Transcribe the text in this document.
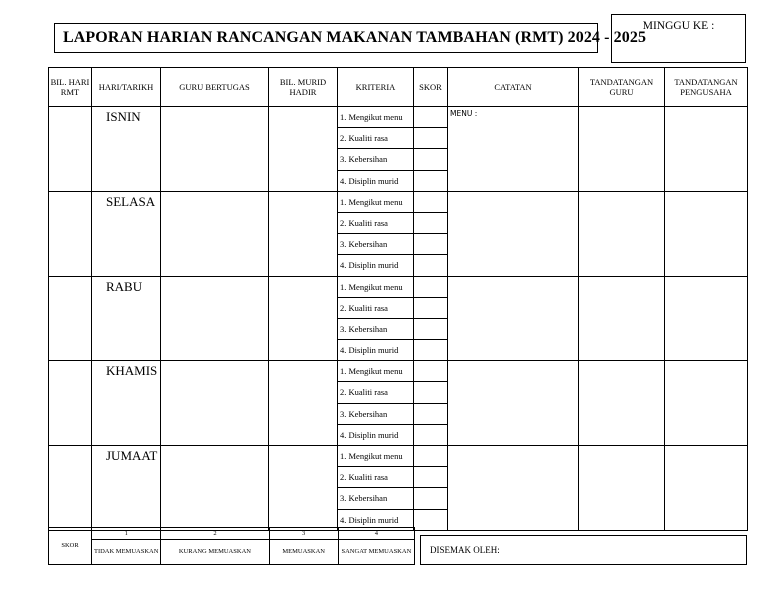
LAPORAN HARIAN RANCANGAN MAKANAN TAMBAHAN (RMT) 2024 - 2025
MINGGU KE :
BIL. HARI RMT	HARI/TARIKH	GURU BERTUGAS	BIL. MURID HADIR	KRITERIA	SKOR	CATATAN	TANDATANGAN GURU	TANDATANGAN PENGUSAHA
	ISNIN			1. Mengikut menu		MENU :		
				2. Kualiti rasa				
				3. Kebersihan				
				4. Disiplin murid				
	SELASA			1. Mengikut menu				
				2. Kualiti rasa				
				3. Kebersihan				
				4. Disiplin murid				
	RABU			1. Mengikut menu				
				2. Kualiti rasa				
				3. Kebersihan				
				4. Disiplin murid				
	KHAMIS			1. Mengikut menu				
				2. Kualiti rasa				
				3. Kebersihan				
				4. Disiplin murid				
	JUMAAT			1. Mengikut menu				
				2. Kualiti rasa				
				3. Kebersihan				
				4. Disiplin murid				
SKOR	1	2	3	4
	TIDAK MEMUASKAN	KURANG MEMUASKAN	MEMUASKAN	SANGAT MEMUASKAN DISEMAK OLEH:
